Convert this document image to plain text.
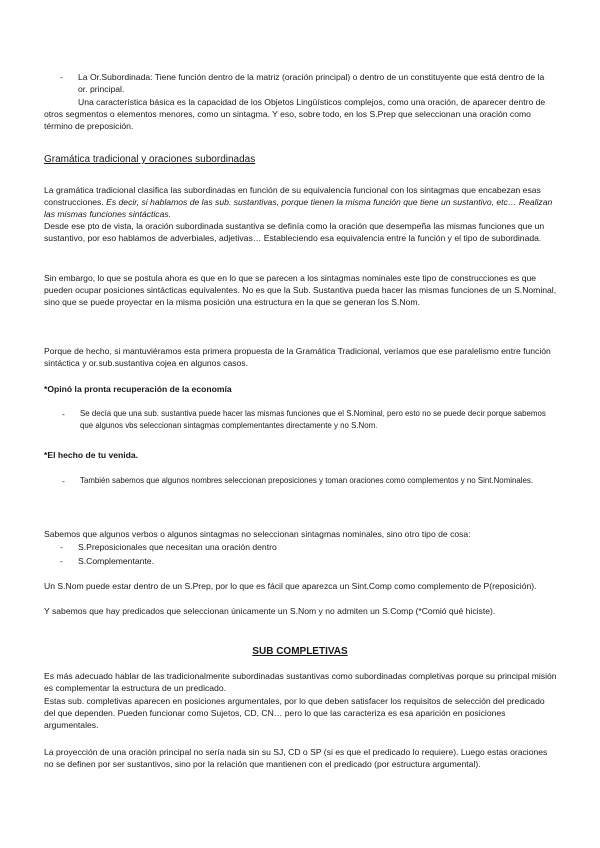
- La Or.Subordinada: Tiene función dentro de la matriz (oración principal) o dentro de un constituyente que está dentro de la or. principal.

Una característica básica es la capacidad de los Objetos Lingüísticos complejos, como una oración, de aparecer dentro de otros segmentos o elementos menores, como un sintagma. Y eso, sobre todo, en los S.Prep que seleccionan una oración como término de preposición.

Gramática tradicional y oraciones subordinadas

La gramática tradicional clasifica las subordinadas en función de su equivalencia funcional con los sintagmas que encabezan esas construcciones. Es decir, si hablamos de las sub. sustantivas, porque tienen la misma función que tiene un sustantivo, etc… Realizan las mismas funciones sintácticas.

Desde ese pto de vista, la oración subordinada sustantiva se definía como la oración que desempeña las mismas funciones que un sustantivo, por eso hablamos de adverbiales, adjetivas… Estableciendo esa equivalencia entre la función y el tipo de subordinada.

Sin embargo, lo que se postula ahora es que en lo que se parecen a los sintagmas nominales este tipo de construcciones es que pueden ocupar posiciones sintácticas equivalentes. No es que la Sub. Sustantiva pueda hacer las mismas funciones de un S.Nominal, sino que se puede proyectar en la misma posición una estructura en la que se generan los S.Nom.

Porque de hecho, si mantuviéramos esta primera propuesta de la Gramática Tradicional, veríamos que ese paralelismo entre función sintáctica y or.sub.sustantiva cojea en algunos casos.

*Opinó la pronta recuperación de la economía

- Se decía que una sub. sustantiva puede hacer las mismas funciones que el S.Nominal, pero esto no se puede decir porque sabemos que algunos vbs seleccionan sintagmas complementantes directamente y no S.Nom.

*El hecho de tu venida.

- También sabemos que algunos nombres seleccionan preposiciones y toman oraciones como complementos y no Sint.Nominales.

Sabemos que algunos verbos o algunos sintagmas no seleccionan sintagmas nominales, sino otro tipo de cosa:

- S.Preposicionales que necesitan una oración dentro

- S.Complementante.

Un S.Nom puede estar dentro de un S.Prep, por lo que es fácil que aparezca un Sint.Comp como complemento de P(reposición).

Y sabemos que hay predicados que seleccionan únicamente un S.Nom y no admiten un S.Comp (*Comió qué hiciste).

SUB COMPLETIVAS

Es más adecuado hablar de las tradicionalmente subordinadas sustantivas como subordinadas completivas porque su principal misión es complementar la estructura de un predicado.

Estas sub. completivas aparecen en posiciones argumentales, por lo que deben satisfacer los requisitos de selección del predicado del que dependen. Pueden funcionar como Sujetos, CD, CN… pero lo que las caracteriza es esa aparición en posiciones argumentales.

La proyección de una oración principal no sería nada sin su SJ, CD o SP (si es que el predicado lo requiere). Luego estas oraciones no se definen por ser sustantivos, sino por la relación que mantienen con el predicado (por estructura argumental).
